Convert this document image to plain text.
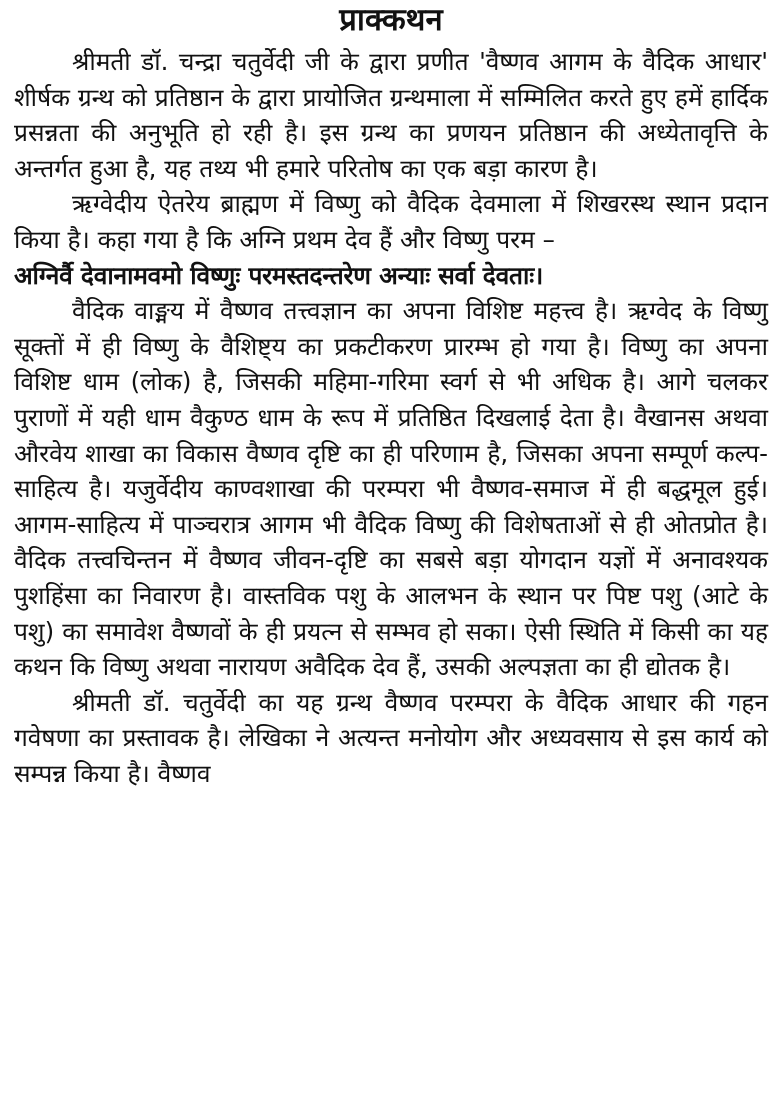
प्राक्कथन

श्रीमती डॉ. चन्द्रा चतुर्वेदी जी के द्वारा प्रणीत 'वैष्णव आगम के वैदिक आधार' शीर्षक ग्रन्थ को प्रतिष्ठान के द्वारा प्रायोजित ग्रन्थमाला में सम्मिलित करते हुए हमें हार्दिक प्रसन्नता की अनुभूति हो रही है। इस ग्रन्थ का प्रणयन प्रतिष्ठान की अध्येतावृत्ति के अन्तर्गत हुआ है, यह तथ्य भी हमारे परितोष का एक बड़ा कारण है।

ऋग्वेदीय ऐतरेय ब्राह्मण में विष्णु को वैदिक देवमाला में शिखरस्थ स्थान प्रदान किया है। कहा गया है कि अग्नि प्रथम देव हैं और विष्णु परम –

अग्निर्वै देवानामवमो विष्णुः परमस्तदन्तरेण अन्याः सर्वा देवताः।

वैदिक वाङ्मय में वैष्णव तत्त्वज्ञान का अपना विशिष्ट महत्त्व है। ऋग्वेद के विष्णु सूक्तों में ही विष्णु के वैशिष्ट्य का प्रकटीकरण प्रारम्भ हो गया है। विष्णु का अपना विशिष्ट धाम (लोक) है, जिसकी महिमा-गरिमा स्वर्ग से भी अधिक है। आगे चलकर पुराणों में यही धाम वैकुण्ठ धाम के रूप में प्रतिष्ठित दिखलाई देता है। वैखानस अथवा औरवेय शाखा का विकास वैष्णव दृष्टि का ही परिणाम है, जिसका अपना सम्पूर्ण कल्प-साहित्य है। यजुर्वेदीय काण्वशाखा की परम्परा भी वैष्णव-समाज में ही बद्धमूल हुई। आगम-साहित्य में पाञ्चरात्र आगम भी वैदिक विष्णु की विशेषताओं से ही ओतप्रोत है। वैदिक तत्त्वचिन्तन में वैष्णव जीवन-दृष्टि का सबसे बड़ा योगदान यज्ञों में अनावश्यक पुशहिंसा का निवारण है। वास्तविक पशु के आलभन के स्थान पर पिष्ट पशु (आटे के पशु) का समावेश वैष्णवों के ही प्रयत्न से सम्भव हो सका। ऐसी स्थिति में किसी का यह कथन कि विष्णु अथवा नारायण अवैदिक देव हैं, उसकी अल्पज्ञता का ही द्योतक है।

श्रीमती डॉ. चतुर्वेदी का यह ग्रन्थ वैष्णव परम्परा के वैदिक आधार की गहन गवेषणा का प्रस्तावक है। लेखिका ने अत्यन्त मनोयोग और अध्यवसाय से इस कार्य को सम्पन्न किया है। वैष्णव
